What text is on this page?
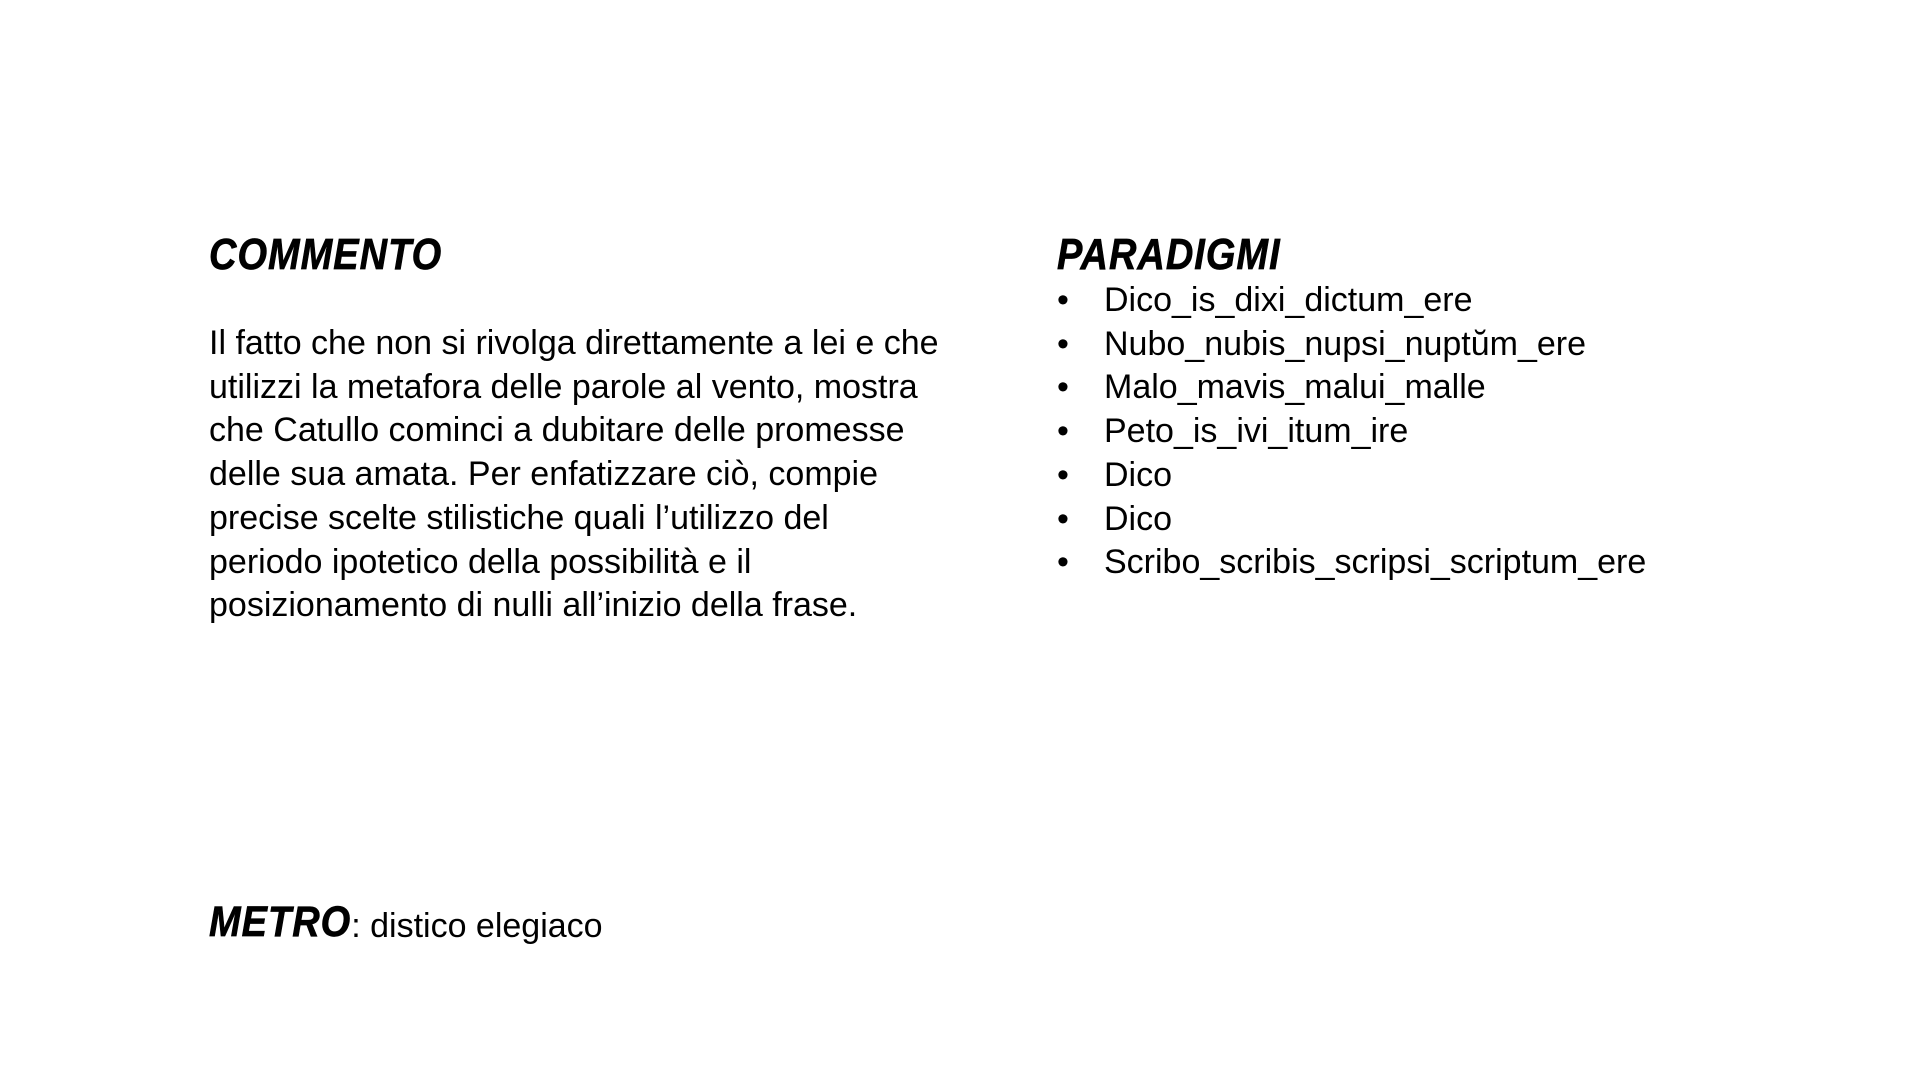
COMMENTO

Il fatto che non si rivolga direttamente a lei e che utilizzi la metafora delle parole al vento, mostra che Catullo cominci a dubitare delle promesse delle sua amata. Per enfatizzare ciò, compie precise scelte stilistiche quali l’utilizzo del periodo ipotetico della possibilità e il posizionamento di nulli all’inizio della frase.

PARADIGMI
• Dico_is_dixi_dictum_ere
• Nubo_nubis_nupsi_nuptŭm_ere
• Malo_mavis_malui_malle
• Peto_is_ivi_itum_ire
• Dico
• Dico
• Scribo_scribis_scripsi_scriptum_ere
METRO: distico elegiaco
